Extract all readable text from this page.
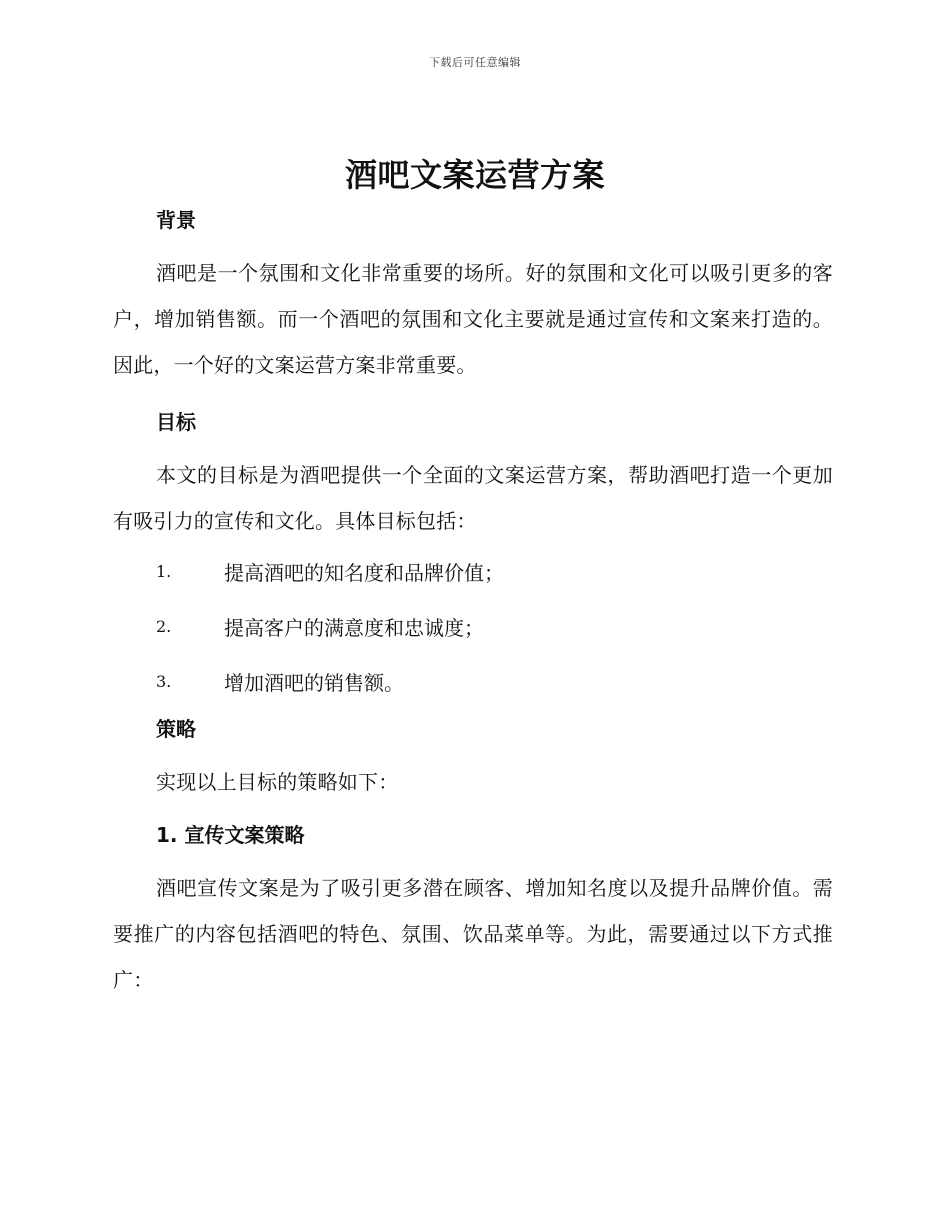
下载后可任意编辑
酒吧文案运营方案
背景

酒吧是一个氛围和文化非常重要的场所。好的氛围和文化可以吸引更多的客户，增加销售额。而一个酒吧的氛围和文化主要就是通过宣传和文案来打造的。因此，一个好的文案运营方案非常重要。

目标

本文的目标是为酒吧提供一个全面的文案运营方案，帮助酒吧打造一个更加有吸引力的宣传和文化。具体目标包括：

1.	提高酒吧的知名度和品牌价值；
2.	提高客户的满意度和忠诚度；
3.	增加酒吧的销售额。
策略

实现以上目标的策略如下：

1. 宣传文案策略

酒吧宣传文案是为了吸引更多潜在顾客、增加知名度以及提升品牌价值。需要推广的内容包括酒吧的特色、氛围、饮品菜单等。为此，需要通过以下方式推广：
